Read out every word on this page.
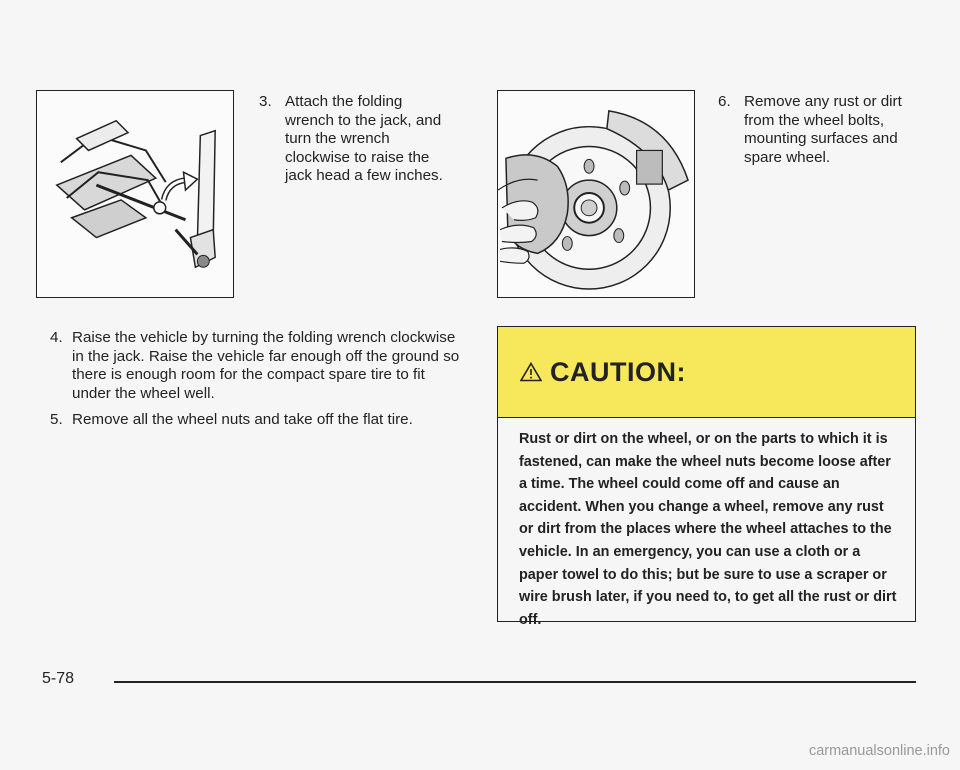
3. Attach the folding wrench to the jack, and turn the wrench clockwise to raise the jack head a few inches.
6. Remove any rust or dirt from the wheel bolts, mounting surfaces and spare wheel.
4. Raise the vehicle by turning the folding wrench clockwise in the jack. Raise the vehicle far enough off the ground so there is enough room for the compact spare tire to fit under the wheel well.
5. Remove all the wheel nuts and take off the flat tire.
CAUTION:

Rust or dirt on the wheel, or on the parts to which it is fastened, can make the wheel nuts become loose after a time. The wheel could come off and cause an accident. When you change a wheel, remove any rust or dirt from the places where the wheel attaches to the vehicle. In an emergency, you can use a cloth or a paper towel to do this; but be sure to use a scraper or wire brush later, if you need to, to get all the rust or dirt off.

5-78
carmanualsonline.info
